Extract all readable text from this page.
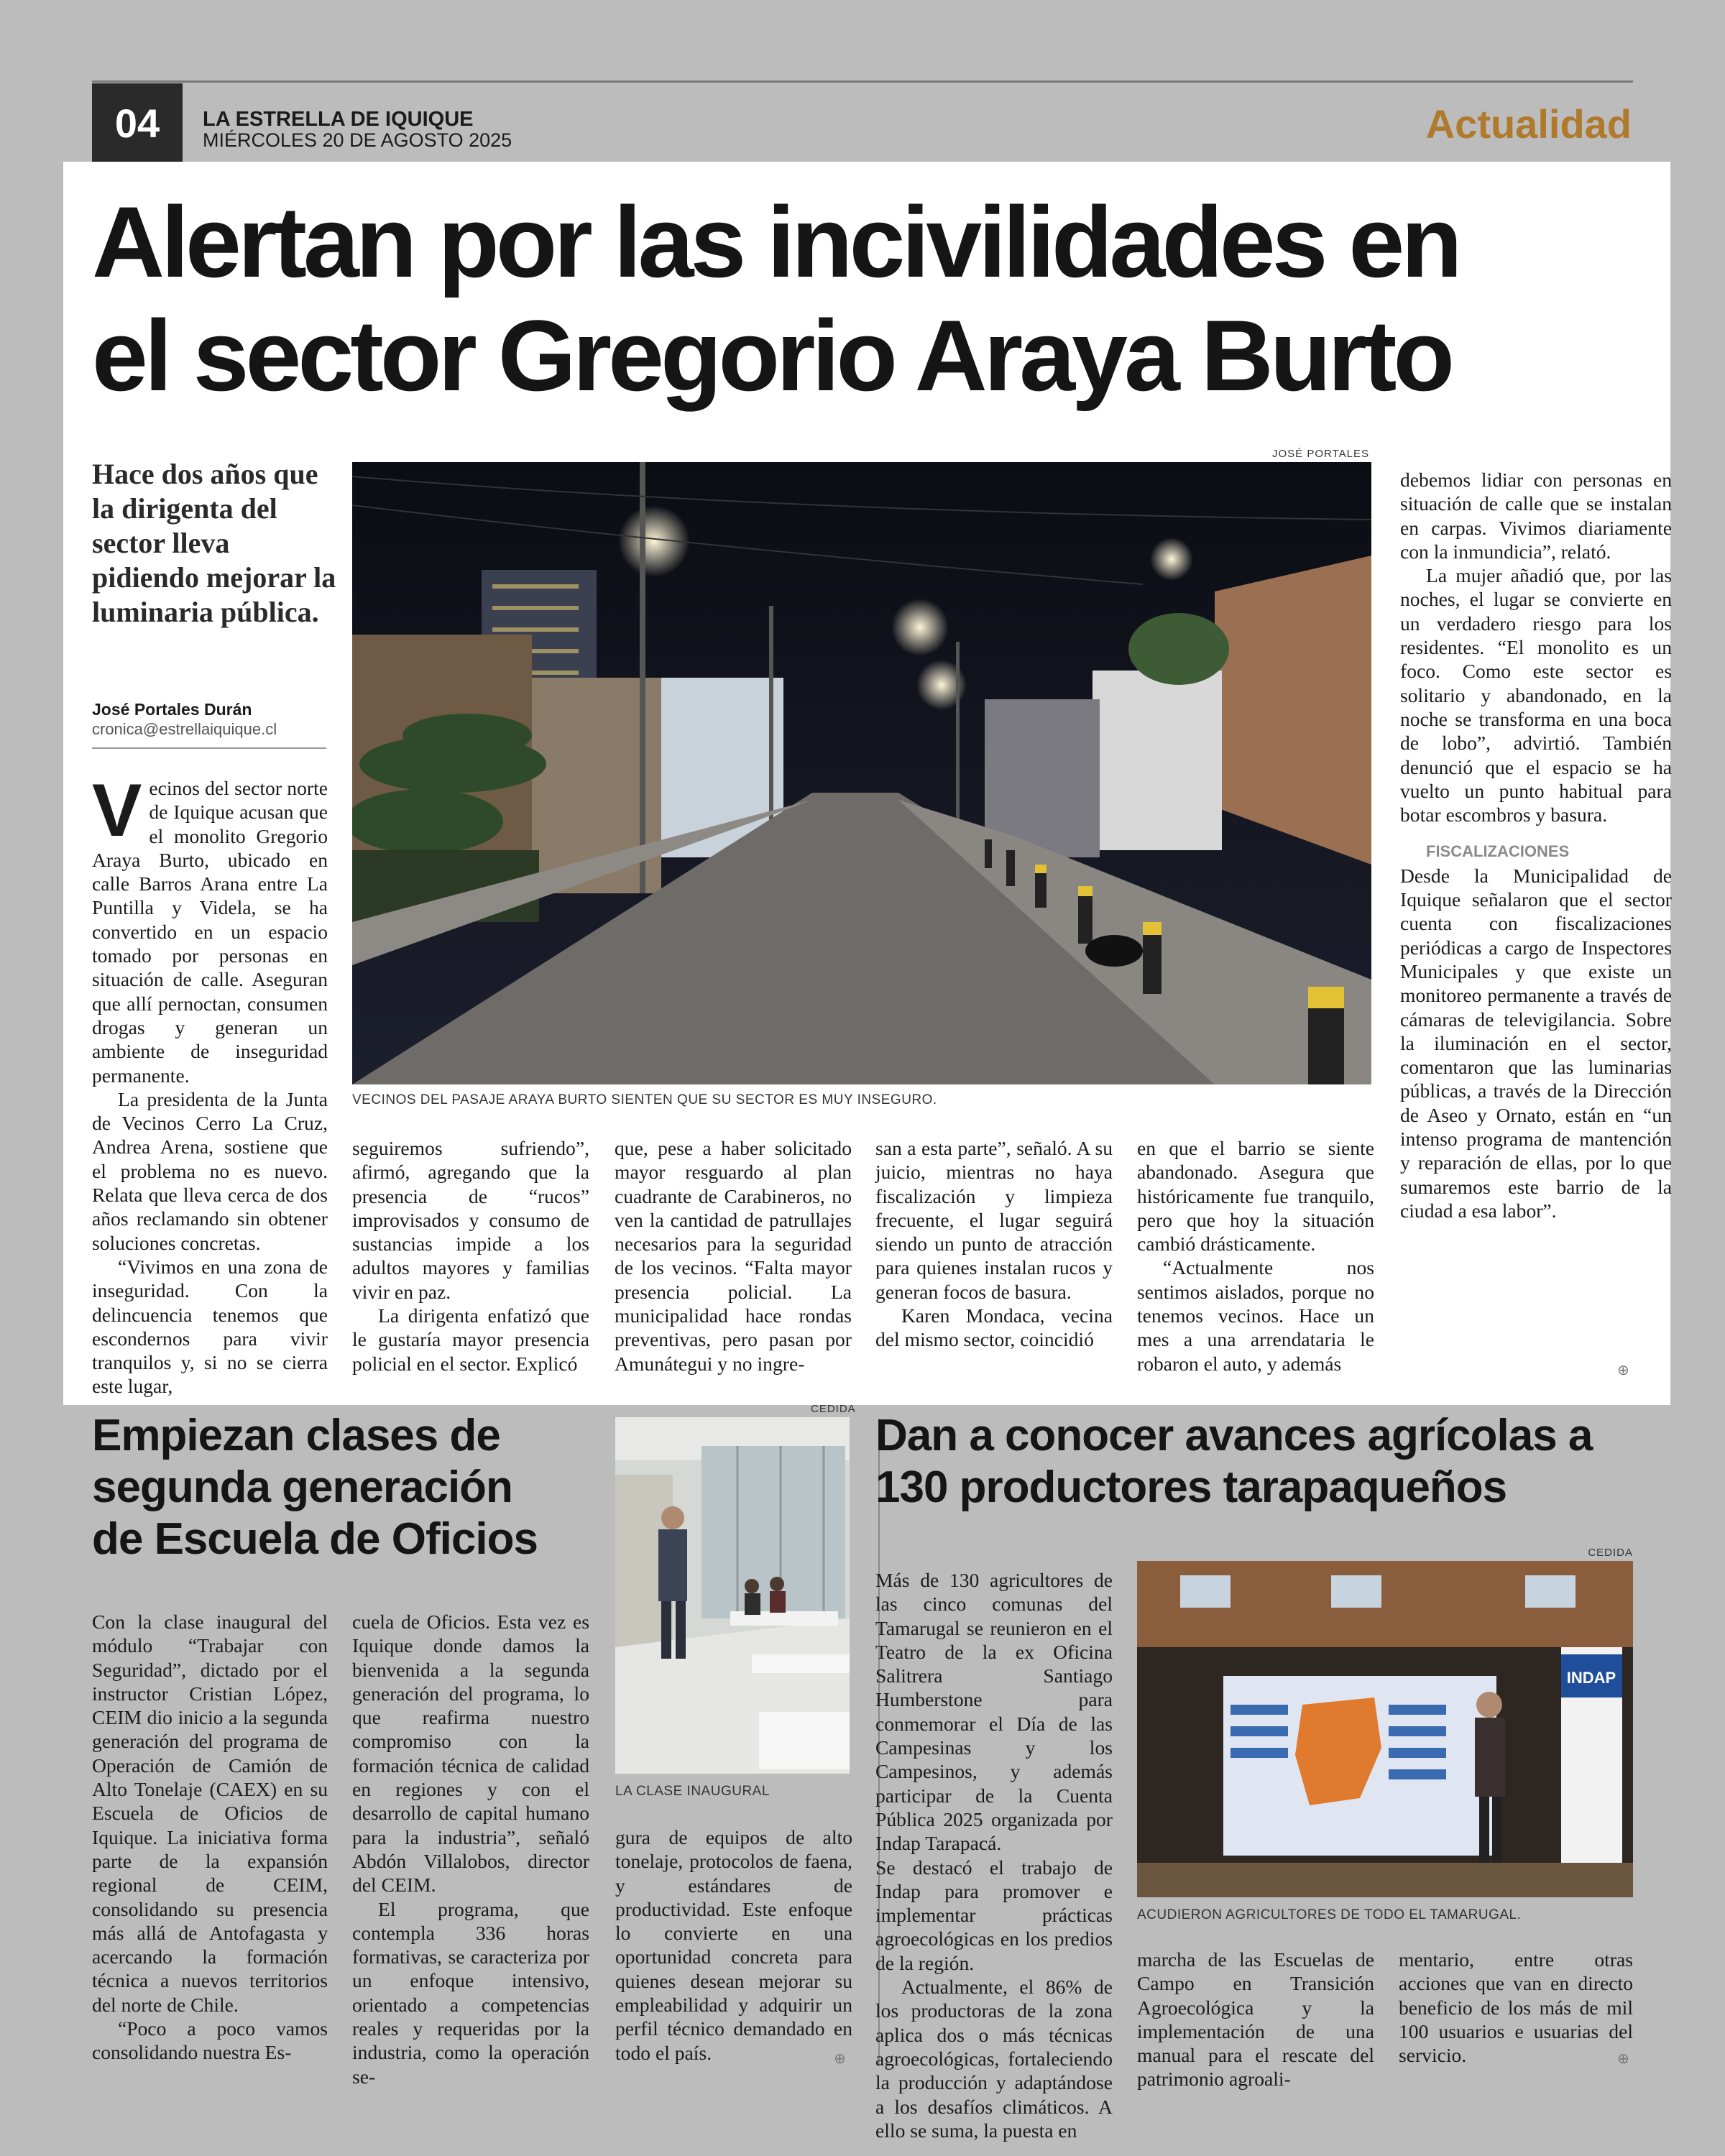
04	LA ESTRELLA DE IQUIQUE
MIÉRCOLES 20 DE AGOSTO 2025	Actualidad
Alertan por las incivilidades en
el sector Gregorio Araya Burto
Hace dos años que la dirigenta del sector lleva pidiendo mejorar la luminaria pública.
José Portales Durán
cronica@estrellaiquique.cl
JOSÉ PORTALES
VECINOS DEL PASAJE ARAYA BURTO SIENTEN QUE SU SECTOR ES MUY INSEGURO.

Vecinos del sector norte de Iquique acusan que el monolito Gregorio Araya Burto, ubicado en calle Barros Arana entre La Puntilla y Videla, se ha convertido en un espacio tomado por personas en situación de calle. Aseguran que allí pernoctan, consumen drogas y generan un ambiente de inseguridad permanente.

La presidenta de la Junta de Vecinos Cerro La Cruz, Andrea Arena, sostiene que el problema no es nuevo. Relata que lleva cerca de dos años reclamando sin obtener soluciones concretas.

“Vivimos en una zona de inseguridad. Con la delincuencia tenemos que escondernos para vivir tranquilos y, si no se cierra este lugar,

seguiremos sufriendo”, afirmó, agregando que la presencia de “rucos” improvisados y consumo de sustancias impide a los adultos mayores y familias vivir en paz.

La dirigenta enfatizó que le gustaría mayor presencia policial en el sector. Explicó

que, pese a haber solicitado mayor resguardo al plan cuadrante de Carabineros, no ven la cantidad de patrullajes necesarios para la seguridad de los vecinos. “Falta mayor presencia policial. La municipalidad hace rondas preventivas, pero pasan por Amunátegui y no ingre-

san a esta parte”, señaló. A su juicio, mientras no haya fiscalización y limpieza frecuente, el lugar seguirá siendo un punto de atracción para quienes instalan rucos y generan focos de basura.

Karen Mondaca, vecina del mismo sector, coincidió

en que el barrio se siente abandonado. Asegura que históricamente fue tranquilo, pero que hoy la situación cambió drásticamente.

“Actualmente nos sentimos aislados, porque no tenemos vecinos. Hace un mes a una arrendataria le robaron el auto, y además

debemos lidiar con personas en situación de calle que se instalan en carpas. Vivimos diariamente con la inmundicia”, relató.

La mujer añadió que, por las noches, el lugar se convierte en un verdadero riesgo para los residentes. “El monolito es un foco. Como este sector es solitario y abandonado, en la noche se transforma en una boca de lobo”, advirtió. También denunció que el espacio se ha vuelto un punto habitual para botar escombros y basura.

FISCALIZACIONES

Desde la Municipalidad de Iquique señalaron que el sector cuenta con fiscalizaciones periódicas a cargo de Inspectores Municipales y que existe un monitoreo permanente a través de cámaras de televigilancia. Sobre la iluminación en el sector, comentaron que las luminarias públicas, a través de la Dirección de Aseo y Ornato, están en “un intenso programa de mantención y reparación de ellas, por lo que sumaremos este barrio de la ciudad a esa labor”.

⊕
Empiezan clases de segunda generación de Escuela de Oficios
CEDIDA
LA CLASE INAUGURAL

Con la clase inaugural del módulo “Trabajar con Seguridad”, dictado por el instructor Cristian López, CEIM dio inicio a la segunda generación del programa de Operación de Camión de Alto Tonelaje (CAEX) en su Escuela de Oficios de Iquique. La iniciativa forma parte de la expansión regional de CEIM, consolidando su presencia más allá de Antofagasta y acercando la formación técnica a nuevos territorios del norte de Chile.

“Poco a poco vamos consolidando nuestra Es-

cuela de Oficios. Esta vez es Iquique donde damos la bienvenida a la segunda generación del programa, lo que reafirma nuestro compromiso con la formación técnica de calidad en regiones y con el desarrollo de capital humano para la industria”, señaló Abdón Villalobos, director del CEIM.

El programa, que contempla 336 horas formativas, se caracteriza por un enfoque intensivo, orientado a competencias reales y requeridas por la industria, como la operación se-

gura de equipos de alto tonelaje, protocolos de faena, y estándares de productividad. Este enfoque lo convierte en una oportunidad concreta para quienes desean mejorar su empleabilidad y adquirir un perfil técnico demandado en todo el país.	⊕
Dan a conocer avances agrícolas a 130 productores tarapaqueños
CEDIDA
INDAP
ACUDIERON AGRICULTORES DE TODO EL TAMARUGAL.

Más de 130 agricultores de las cinco comunas del Tamarugal se reunieron en el Teatro de la ex Oficina Salitrera Santiago Humberstone para conmemorar el Día de las Campesinas y los Campesinos, y además participar de la Cuenta Pública 2025 organizada por Indap Tarapacá.

Se destacó el trabajo de Indap para promover e implementar prácticas agroecológicas en los predios de la región.

Actualmente, el 86% de los productoras de la zona aplica dos o más técnicas agroecológicas, fortaleciendo la producción y adaptándose a los desafíos climáticos. A ello se suma, la puesta en

marcha de las Escuelas de Campo en Transición Agroecológica y la implementación de una manual para el rescate del patrimonio agroali-

mentario, entre otras acciones que van en directo beneficio de los más de mil 100 usuarios e usuarias del servicio.	⊕
